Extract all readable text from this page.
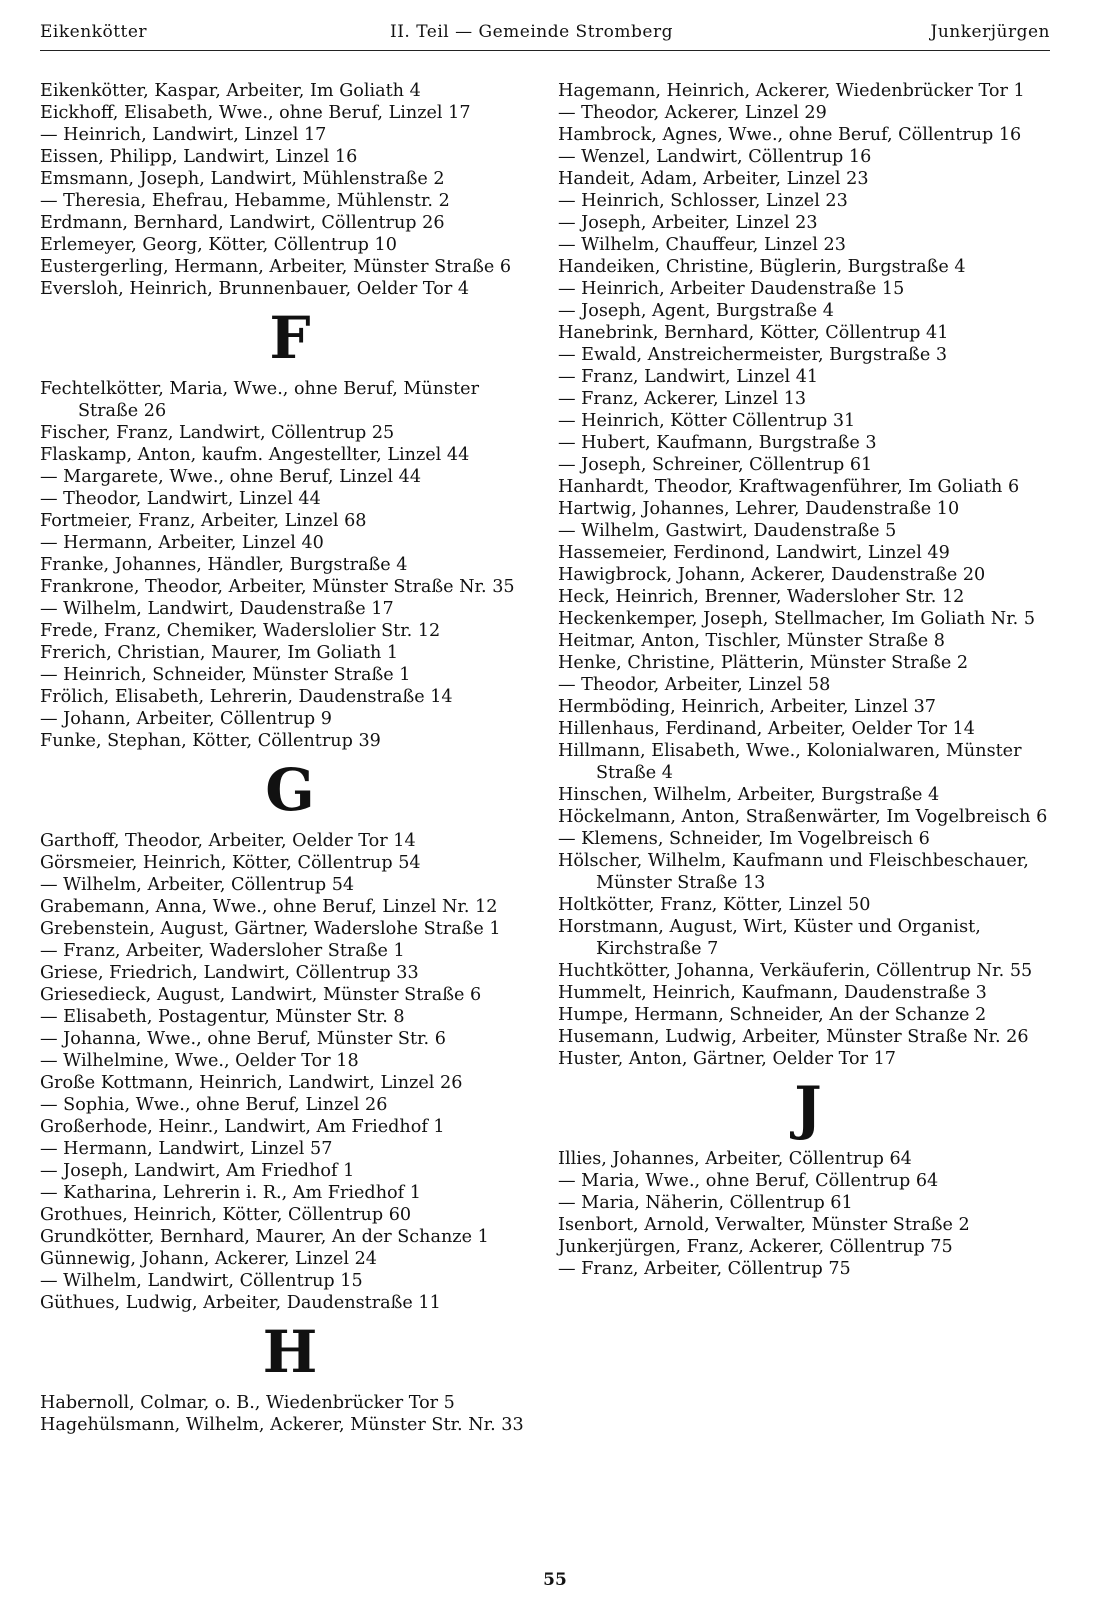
Eikenkötter	II. Teil — Gemeinde Stromberg	Junkerjürgen
Eikenkötter, Kaspar, Arbeiter, Im Goliath 4
Eickhoff, Elisabeth, Wwe., ohne Beruf, Linzel 17
— Heinrich, Landwirt, Linzel 17
Eissen, Philipp, Landwirt, Linzel 16
Emsmann, Joseph, Landwirt, Mühlenstraße 2
— Theresia, Ehefrau, Hebamme, Mühlenstr. 2
Erdmann, Bernhard, Landwirt, Cöllentrup 26
Erlemeyer, Georg, Kötter, Cöllentrup 10
Eustergerling, Hermann, Arbeiter, Münster Straße 6
Eversloh, Heinrich, Brunnenbauer, Oelder Tor 4
F
Fechtelkötter, Maria, Wwe., ohne Beruf, Münster Straße 26
Fischer, Franz, Landwirt, Cöllentrup 25
Flaskamp, Anton, kaufm. Angestellter, Linzel 44
— Margarete, Wwe., ohne Beruf, Linzel 44
— Theodor, Landwirt, Linzel 44
Fortmeier, Franz, Arbeiter, Linzel 68
— Hermann, Arbeiter, Linzel 40
Franke, Johannes, Händler, Burgstraße 4
Frankrone, Theodor, Arbeiter, Münster Straße Nr. 35
— Wilhelm, Landwirt, Daudenstraße 17
Frede, Franz, Chemiker, Waderslolier Str. 12
Frerich, Christian, Maurer, Im Goliath 1
— Heinrich, Schneider, Münster Straße 1
Frölich, Elisabeth, Lehrerin, Daudenstraße 14
— Johann, Arbeiter, Cöllentrup 9
Funke, Stephan, Kötter, Cöllentrup 39
G
Garthoff, Theodor, Arbeiter, Oelder Tor 14
Görsmeier, Heinrich, Kötter, Cöllentrup 54
— Wilhelm, Arbeiter, Cöllentrup 54
Grabemann, Anna, Wwe., ohne Beruf, Linzel Nr. 12
Grebenstein, August, Gärtner, Waderslohe Straße 1
— Franz, Arbeiter, Wadersloher Straße 1
Griese, Friedrich, Landwirt, Cöllentrup 33
Griesedieck, August, Landwirt, Münster Straße 6
— Elisabeth, Postagentur, Münster Str. 8
— Johanna, Wwe., ohne Beruf, Münster Str. 6
— Wilhelmine, Wwe., Oelder Tor 18
Große Kottmann, Heinrich, Landwirt, Linzel 26
— Sophia, Wwe., ohne Beruf, Linzel 26
Großerhode, Heinr., Landwirt, Am Friedhof 1
— Hermann, Landwirt, Linzel 57
— Joseph, Landwirt, Am Friedhof 1
— Katharina, Lehrerin i. R., Am Friedhof 1
Grothues, Heinrich, Kötter, Cöllentrup 60
Grundkötter, Bernhard, Maurer, An der Schanze 1
Günnewig, Johann, Ackerer, Linzel 24
— Wilhelm, Landwirt, Cöllentrup 15
Güthues, Ludwig, Arbeiter, Daudenstraße 11
H
Habernoll, Colmar, o. B., Wiedenbrücker Tor 5
Hagehülsmann, Wilhelm, Ackerer, Münster Str. Nr. 33
Hagemann, Heinrich, Ackerer, Wiedenbrücker Tor 1
— Theodor, Ackerer, Linzel 29
Hambrock, Agnes, Wwe., ohne Beruf, Cöllentrup 16
— Wenzel, Landwirt, Cöllentrup 16
Handeit, Adam, Arbeiter, Linzel 23
— Heinrich, Schlosser, Linzel 23
— Joseph, Arbeiter, Linzel 23
— Wilhelm, Chauffeur, Linzel 23
Handeiken, Christine, Büglerin, Burgstraße 4
— Heinrich, Arbeiter Daudenstraße 15
— Joseph, Agent, Burgstraße 4
Hanebrink, Bernhard, Kötter, Cöllentrup 41
— Ewald, Anstreichermeister, Burgstraße 3
— Franz, Landwirt, Linzel 41
— Franz, Ackerer, Linzel 13
— Heinrich, Kötter Cöllentrup 31
— Hubert, Kaufmann, Burgstraße 3
— Joseph, Schreiner, Cöllentrup 61
Hanhardt, Theodor, Kraftwagenführer, Im Goliath 6
Hartwig, Johannes, Lehrer, Daudenstraße 10
— Wilhelm, Gastwirt, Daudenstraße 5
Hassemeier, Ferdinond, Landwirt, Linzel 49
Hawigbrock, Johann, Ackerer, Daudenstraße 20
Heck, Heinrich, Brenner, Wadersloher Str. 12
Heckenkemper, Joseph, Stellmacher, Im Goliath Nr. 5
Heitmar, Anton, Tischler, Münster Straße 8
Henke, Christine, Plätterin, Münster Straße 2
— Theodor, Arbeiter, Linzel 58
Hermböding, Heinrich, Arbeiter, Linzel 37
Hillenhaus, Ferdinand, Arbeiter, Oelder Tor 14
Hillmann, Elisabeth, Wwe., Kolonialwaren, Münster Straße 4
Hinschen, Wilhelm, Arbeiter, Burgstraße 4
Höckelmann, Anton, Straßenwärter, Im Vogelbreisch 6
— Klemens, Schneider, Im Vogelbreisch 6
Hölscher, Wilhelm, Kaufmann und Fleischbeschauer, Münster Straße 13
Holtkötter, Franz, Kötter, Linzel 50
Horstmann, August, Wirt, Küster und Organist, Kirchstraße 7
Huchtkötter, Johanna, Verkäuferin, Cöllentrup Nr. 55
Hummelt, Heinrich, Kaufmann, Daudenstraße 3
Humpe, Hermann, Schneider, An der Schanze 2
Husemann, Ludwig, Arbeiter, Münster Straße Nr. 26
Huster, Anton, Gärtner, Oelder Tor 17
J
Illies, Johannes, Arbeiter, Cöllentrup 64
— Maria, Wwe., ohne Beruf, Cöllentrup 64
— Maria, Näherin, Cöllentrup 61
Isenbort, Arnold, Verwalter, Münster Straße 2
Junkerjürgen, Franz, Ackerer, Cöllentrup 75
— Franz, Arbeiter, Cöllentrup 75
55
